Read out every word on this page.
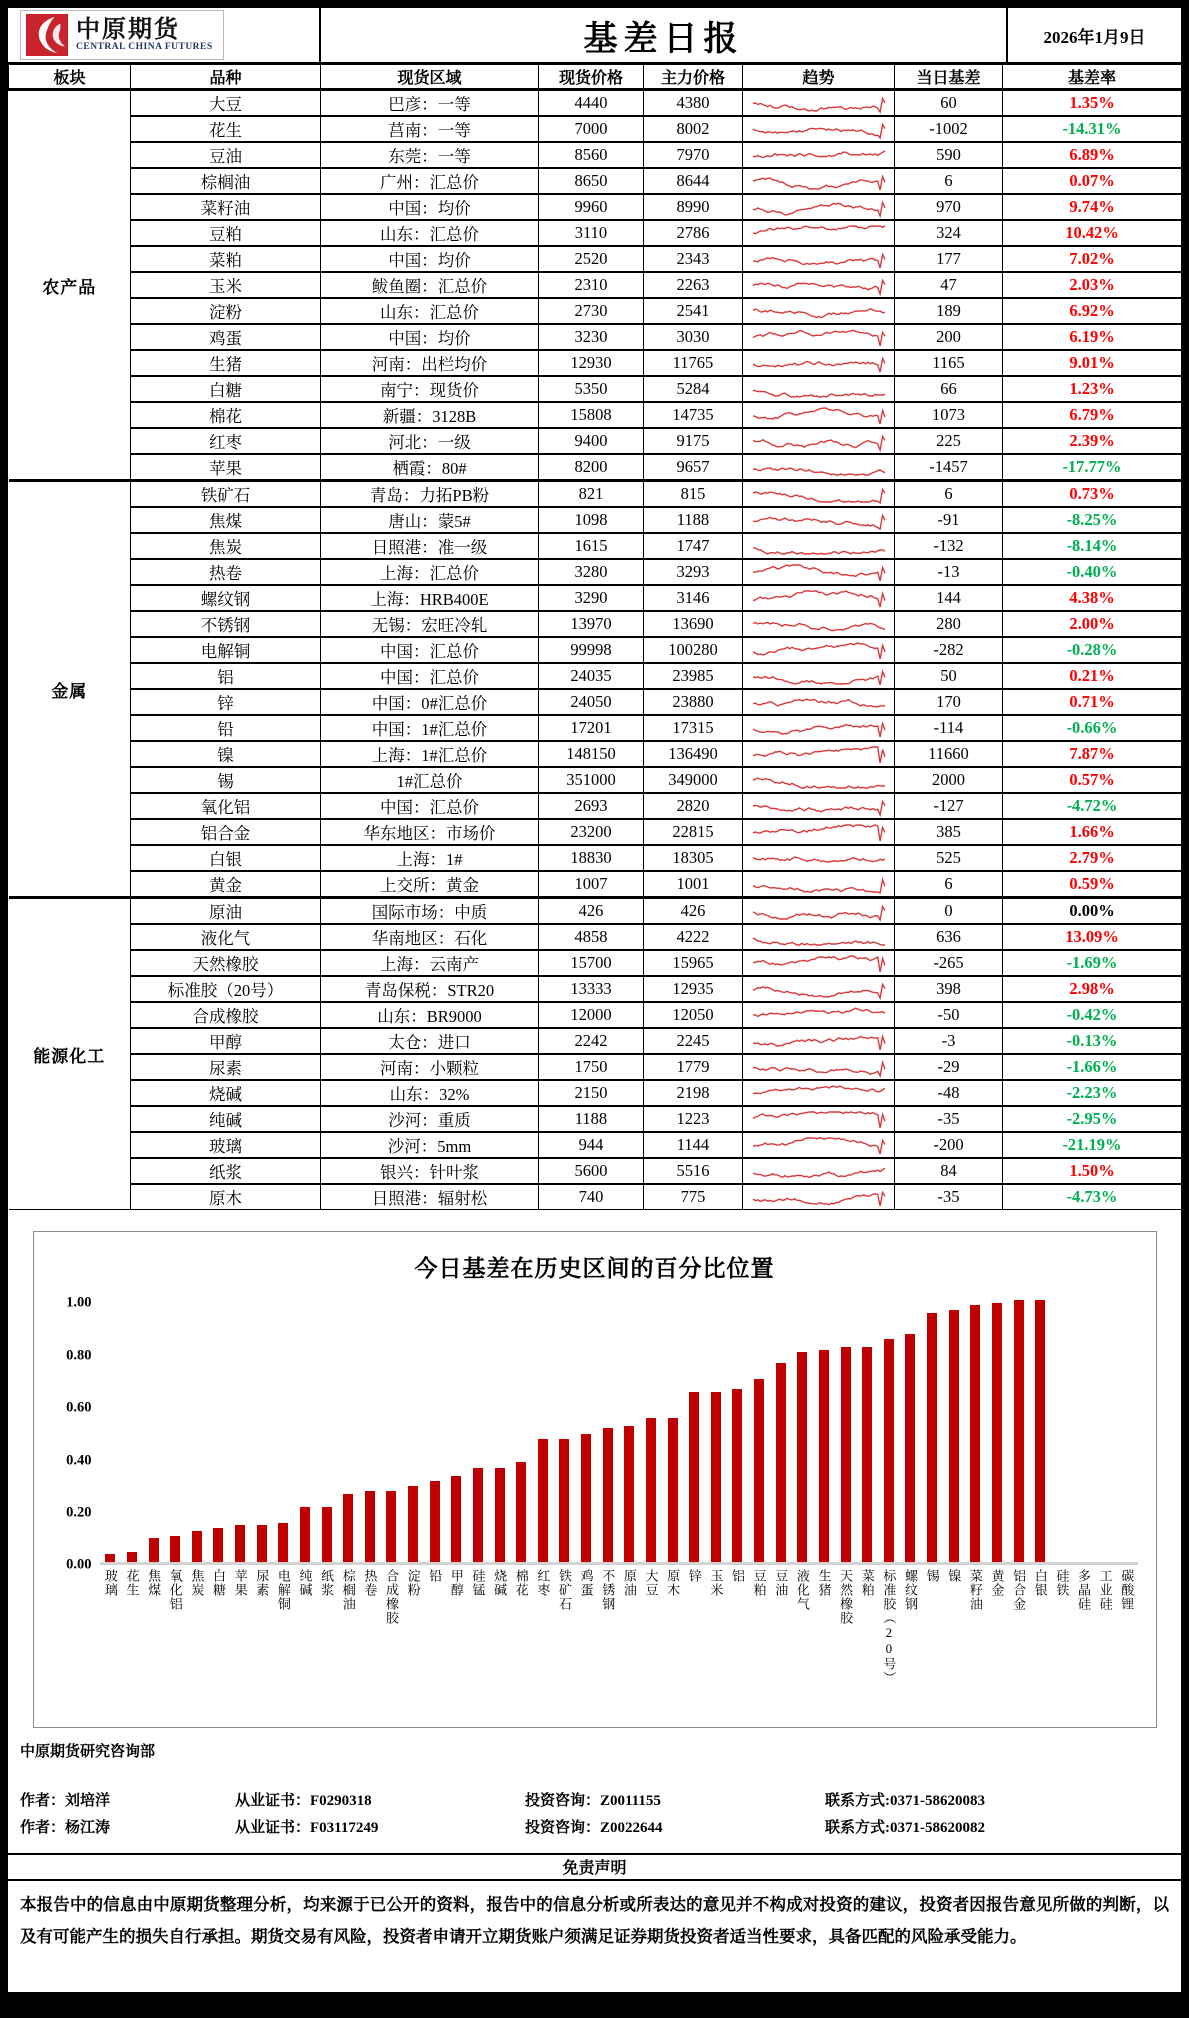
中原期货
CENTRAL CHINA FUTURES	基差日报	2026年1月9日
板块	品种	现货区域	现货价格	主力价格	趋势	当日基差	基差率
农产品	大豆	巴彦：一等	4440	4380		60	1.35%
	花生	莒南：一等	7000	8002		-1002	-14.31%
	豆油	东莞：一等	8560	7970		590	6.89%
	棕榈油	广州：汇总价	8650	8644		6	0.07%
	菜籽油	中国：均价	9960	8990		970	9.74%
	豆粕	山东：汇总价	3110	2786		324	10.42%
	菜粕	中国：均价	2520	2343		177	7.02%
	玉米	鲅鱼圈：汇总价	2310	2263		47	2.03%
	淀粉	山东：汇总价	2730	2541		189	6.92%
	鸡蛋	中国：均价	3230	3030		200	6.19%
	生猪	河南：出栏均价	12930	11765		1165	9.01%
	白糖	南宁：现货价	5350	5284		66	1.23%
	棉花	新疆：3128B	15808	14735		1073	6.79%
	红枣	河北：一级	9400	9175		225	2.39%
	苹果	栖霞：80#	8200	9657		-1457	-17.77%
金属	铁矿石	青岛：力拓PB粉	821	815		6	0.73%
	焦煤	唐山：蒙5#	1098	1188		-91	-8.25%
	焦炭	日照港：准一级	1615	1747		-132	-8.14%
	热卷	上海：汇总价	3280	3293		-13	-0.40%
	螺纹钢	上海：HRB400E	3290	3146		144	4.38%
	不锈钢	无锡：宏旺冷轧	13970	13690		280	2.00%
	电解铜	中国：汇总价	99998	100280		-282	-0.28%
	铝	中国：汇总价	24035	23985		50	0.21%
	锌	中国：0#汇总价	24050	23880		170	0.71%
	铅	中国：1#汇总价	17201	17315		-114	-0.66%
	镍	上海：1#汇总价	148150	136490		11660	7.87%
	锡	1#汇总价	351000	349000		2000	0.57%
	氧化铝	中国：汇总价	2693	2820		-127	-4.72%
	铝合金	华东地区：市场价	23200	22815		385	1.66%
	白银	上海：1#	18830	18305		525	2.79%
	黄金	上交所：黄金	1007	1001		6	0.59%
能源化工	原油	国际市场：中质	426	426		0	0.00%
	液化气	华南地区：石化	4858	4222		636	13.09%
	天然橡胶	上海：云南产	15700	15965		-265	-1.69%
	标准胶（20号）	青岛保税：STR20	13333	12935		398	2.98%
	合成橡胶	山东：BR9000	12000	12050		-50	-0.42%
	甲醇	太仓：进口	2242	2245		-3	-0.13%
	尿素	河南：小颗粒	1750	1779		-29	-1.66%
	烧碱	山东：32%	2150	2198		-48	-2.23%
	纯碱	沙河：重质	1188	1223		-35	-2.95%
	玻璃	沙河：5mm	944	1144		-200	-21.19%
	纸浆	银兴：针叶浆	5600	5516		84	1.50%
	原木	日照港：辐射松	740	775		-35	-4.73%
今日基差在历史区间的百分比位置
0.00
0.20
0.40
0.60
0.80
1.00
玻璃 花生 焦煤 氧化铝 焦炭 白糖 苹果 尿素 电解铜 纯碱 纸浆 棕榈油 热卷 合成橡胶 淀粉 铅 甲醇 硅锰 烧碱 棉花 红枣 铁矿石 鸡蛋 不锈钢 原油 大豆 原木 锌 玉米 铝 豆粕 豆油 液化气 生猪 天然橡胶 菜粕 标准胶（20号） 螺纹钢 锡 镍 菜籽油 黄金 铝合金 白银 硅铁 多晶硅 工业硅 碳酸锂
中原期货研究咨询部
作者：刘培洋	从业证书：F0290318	投资咨询：Z0011155	联系方式:0371-58620083
作者：杨江涛	从业证书：F03117249	投资咨询：Z0022644	联系方式:0371-58620082
免责声明
本报告中的信息由中原期货整理分析，均来源于已公开的资料，报告中的信息分析或所表达的意见并不构成对投资的建议，投资者因报告意见所做的判断，以及有可能产生的损失自行承担。期货交易有风险，投资者申请开立期货账户须满足证券期货投资者适当性要求，具备匹配的风险承受能力。
